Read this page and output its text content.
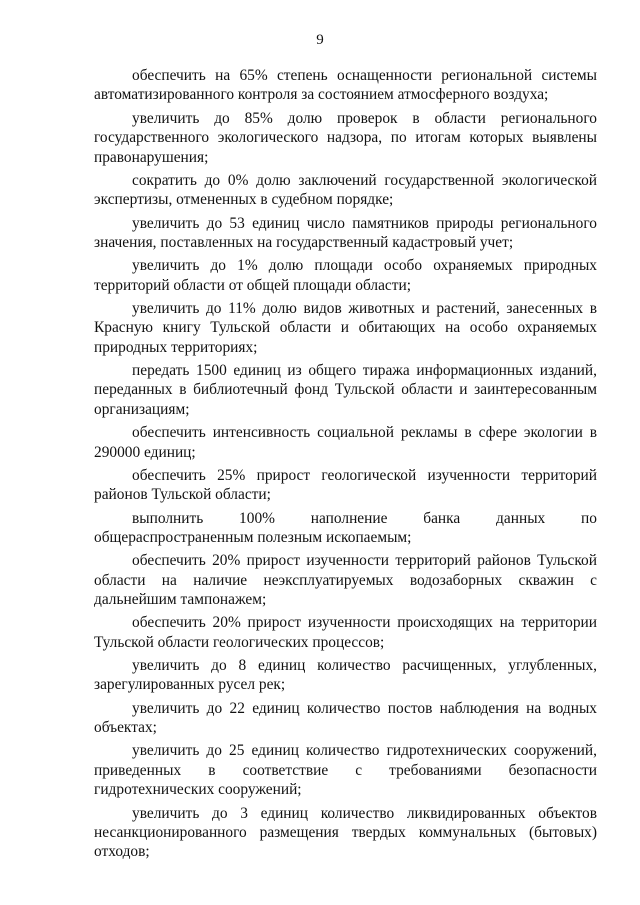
9

обеспечить на 65% степень оснащенности региональной системы автоматизированного контроля за состоянием атмосферного воздуха;

увеличить до 85% долю проверок в области регионального государственного экологического надзора, по итогам которых выявлены правонарушения;

сократить до 0% долю заключений государственной экологической экспертизы, отмененных в судебном порядке;

увеличить до 53 единиц число памятников природы регионального значения, поставленных на государственный кадастровый учет;

увеличить до 1% долю площади особо охраняемых природных территорий области от общей площади области;

увеличить до 11% долю видов животных и растений, занесенных в Красную книгу Тульской области и обитающих на особо охраняемых природных территориях;

передать 1500 единиц из общего тиража информационных изданий, переданных в библиотечный фонд Тульской области и заинтересованным организациям;

обеспечить интенсивность социальной рекламы в сфере экологии в 290000 единиц;

обеспечить 25% прирост геологической изученности территорий районов Тульской области;

выполнить 100% наполнение банка данных по общераспространенным полезным ископаемым;

обеспечить 20% прирост изученности территорий районов Тульской области на наличие неэксплуатируемых водозаборных скважин с дальнейшим тампонажем;

обеспечить 20% прирост изученности происходящих на территории Тульской области геологических процессов;

увеличить до 8 единиц количество расчищенных, углубленных, зарегулированных русел рек;

увеличить до 22 единиц количество постов наблюдения на водных объектах;

увеличить до 25 единиц количество гидротехнических сооружений, приведенных в соответствие с требованиями безопасности гидротехнических сооружений;

увеличить до 3 единиц количество ликвидированных объектов несанкционированного размещения твердых коммунальных (бытовых) отходов;
